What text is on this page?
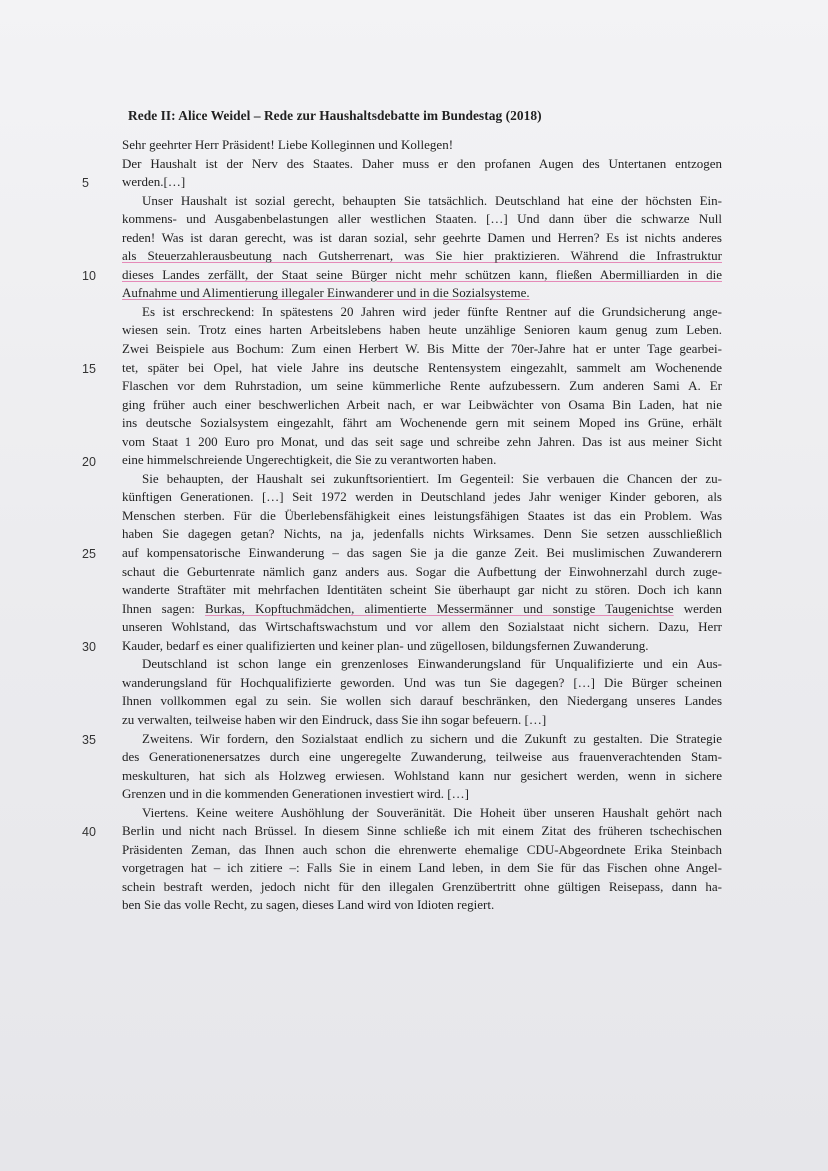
Rede II: Alice Weidel – Rede zur Haushaltsdebatte im Bundestag (2018)
5
10
15
20
25
30
35
40
Sehr geehrter Herr Präsident! Liebe Kolleginnen und Kollegen!
Der Haushalt ist der Nerv des Staates. Daher muss er den profanen Augen des Untertanen entzogen
werden.[…]
Unser Haushalt ist sozial gerecht, behaupten Sie tatsächlich. Deutschland hat eine der höchsten Ein-
kommens- und Ausgabenbelastungen aller westlichen Staaten. […] Und dann über die schwarze Null
reden! Was ist daran gerecht, was ist daran sozial, sehr geehrte Damen und Herren? Es ist nichts anderes
als Steuerzahlerausbeutung nach Gutsherrenart, was Sie hier praktizieren. Während die Infrastruktur
dieses Landes zerfällt, der Staat seine Bürger nicht mehr schützen kann, fließen Abermilliarden in die
Aufnahme und Alimentierung illegaler Einwanderer und in die Sozialsysteme.
Es ist erschreckend: In spätestens 20 Jahren wird jeder fünfte Rentner auf die Grundsicherung ange-
wiesen sein. Trotz eines harten Arbeitslebens haben heute unzählige Senioren kaum genug zum Leben.
Zwei Beispiele aus Bochum: Zum einen Herbert W. Bis Mitte der 70er-Jahre hat er unter Tage gearbei-
tet, später bei Opel, hat viele Jahre ins deutsche Rentensystem eingezahlt, sammelt am Wochenende
Flaschen vor dem Ruhrstadion, um seine kümmerliche Rente aufzubessern. Zum anderen Sami A. Er
ging früher auch einer beschwerlichen Arbeit nach, er war Leibwächter von Osama Bin Laden, hat nie
ins deutsche Sozialsystem eingezahlt, fährt am Wochenende gern mit seinem Moped ins Grüne, erhält
vom Staat 1 200 Euro pro Monat, und das seit sage und schreibe zehn Jahren. Das ist aus meiner Sicht
eine himmelschreiende Ungerechtigkeit, die Sie zu verantworten haben.
Sie behaupten, der Haushalt sei zukunftsorientiert. Im Gegenteil: Sie verbauen die Chancen der zu-
künftigen Generationen. […] Seit 1972 werden in Deutschland jedes Jahr weniger Kinder geboren, als
Menschen sterben. Für die Überlebensfähigkeit eines leistungsfähigen Staates ist das ein Problem. Was
haben Sie dagegen getan? Nichts, na ja, jedenfalls nichts Wirksames. Denn Sie setzen ausschließlich
auf kompensatorische Einwanderung – das sagen Sie ja die ganze Zeit. Bei muslimischen Zuwanderern
schaut die Geburtenrate nämlich ganz anders aus. Sogar die Aufbettung der Einwohnerzahl durch zuge-
wanderte Straftäter mit mehrfachen Identitäten scheint Sie überhaupt gar nicht zu stören. Doch ich kann
Ihnen sagen: Burkas, Kopftuchmädchen, alimentierte Messermänner und sonstige Taugenichtse werden
unseren Wohlstand, das Wirtschaftswachstum und vor allem den Sozialstaat nicht sichern. Dazu, Herr
Kauder, bedarf es einer qualifizierten und keiner plan- und zügellosen, bildungsfernen Zuwanderung.
Deutschland ist schon lange ein grenzenloses Einwanderungsland für Unqualifizierte und ein Aus-
wanderungsland für Hochqualifizierte geworden. Und was tun Sie dagegen? […] Die Bürger scheinen
Ihnen vollkommen egal zu sein. Sie wollen sich darauf beschränken, den Niedergang unseres Landes
zu verwalten, teilweise haben wir den Eindruck, dass Sie ihn sogar befeuern. […]
Zweitens. Wir fordern, den Sozialstaat endlich zu sichern und die Zukunft zu gestalten. Die Strategie
des Generationenersatzes durch eine ungeregelte Zuwanderung, teilweise aus frauenverachtenden Stam-
meskulturen, hat sich als Holzweg erwiesen. Wohlstand kann nur gesichert werden, wenn in sichere
Grenzen und in die kommenden Generationen investiert wird. […]
Viertens. Keine weitere Aushöhlung der Souveränität. Die Hoheit über unseren Haushalt gehört nach
Berlin und nicht nach Brüssel. In diesem Sinne schließe ich mit einem Zitat des früheren tschechischen
Präsidenten Zeman, das Ihnen auch schon die ehrenwerte ehemalige CDU-Abgeordnete Erika Steinbach
vorgetragen hat – ich zitiere –: Falls Sie in einem Land leben, in dem Sie für das Fischen ohne Angel-
schein bestraft werden, jedoch nicht für den illegalen Grenzübertritt ohne gültigen Reisepass, dann ha-
ben Sie das volle Recht, zu sagen, dieses Land wird von Idioten regiert.
